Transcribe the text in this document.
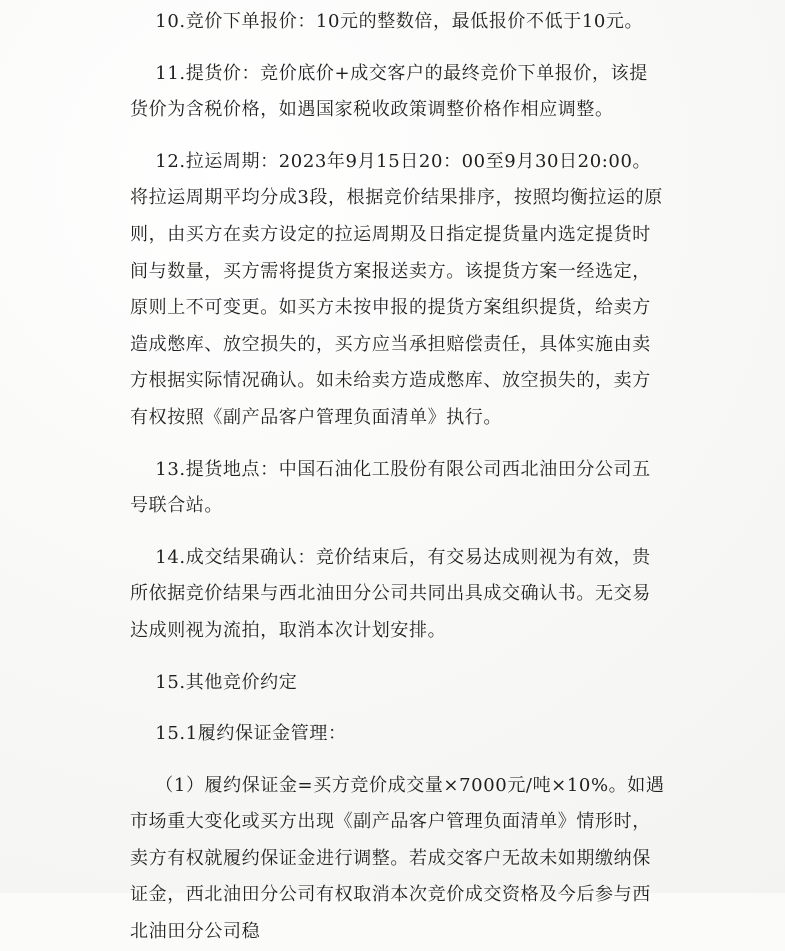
10.竞价下单报价：10元的整数倍，最低报价不低于10元。

11.提货价：竞价底价+成交客户的最终竞价下单报价，该提货价为含税价格，如遇国家税收政策调整价格作相应调整。

12.拉运周期：2023年9月15日20：00至9月30日20:00。将拉运周期平均分成3段，根据竞价结果排序，按照均衡拉运的原则，由买方在卖方设定的拉运周期及日指定提货量内选定提货时间与数量，买方需将提货方案报送卖方。该提货方案一经选定，原则上不可变更。如买方未按申报的提货方案组织提货，给卖方造成憋库、放空损失的，买方应当承担赔偿责任，具体实施由卖方根据实际情况确认。如未给卖方造成憋库、放空损失的，卖方有权按照《副产品客户管理负面清单》执行。

13.提货地点：中国石油化工股份有限公司西北油田分公司五号联合站。

14.成交结果确认：竞价结束后，有交易达成则视为有效，贵所依据竞价结果与西北油田分公司共同出具成交确认书。无交易达成则视为流拍，取消本次计划安排。

15.其他竞价约定

15.1履约保证金管理：

（1）履约保证金=买方竞价成交量×7000元/吨×10%。如遇市场重大变化或买方出现《副产品客户管理负面清单》情形时，卖方有权就履约保证金进行调整。若成交客户无故未如期缴纳保证金，西北油田分公司有权取消本次竞价成交资格及今后参与西北油田分公司稳
